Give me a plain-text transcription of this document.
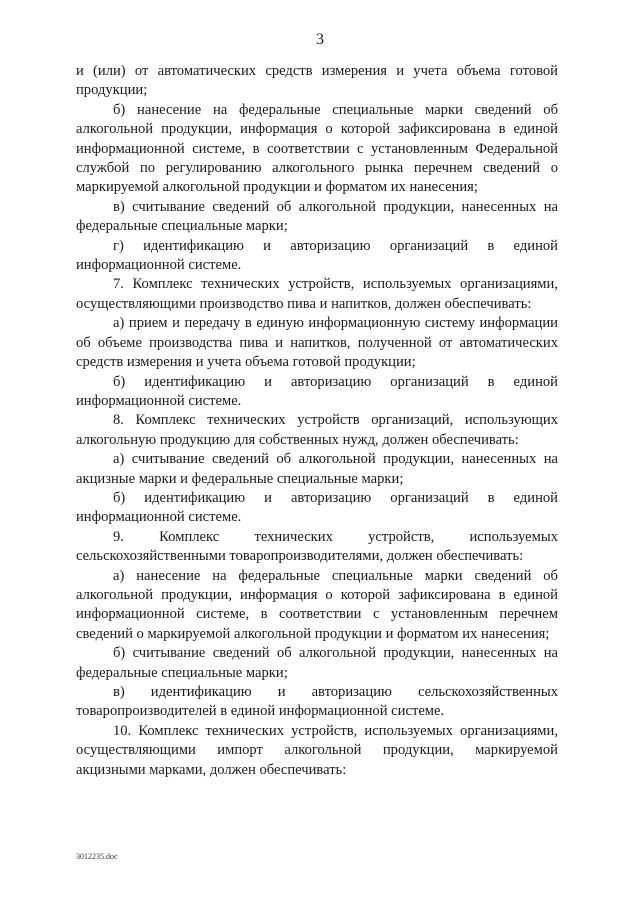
3

и (или) от автоматических средств измерения и учета объема готовой продукции;

б) нанесение на федеральные специальные марки сведений об алкогольной продукции, информация о которой зафиксирована в единой информационной системе, в соответствии с установленным Федеральной службой по регулированию алкогольного рынка перечнем сведений о маркируемой алкогольной продукции и форматом их нанесения;

в) считывание сведений об алкогольной продукции, нанесенных на федеральные специальные марки;

г) идентификацию и авторизацию организаций в единой информационной системе.

7. Комплекс технических устройств, используемых организациями, осуществляющими производство пива и напитков, должен обеспечивать:

а) прием и передачу в единую информационную систему информации об объеме производства пива и напитков, полученной от автоматических средств измерения и учета объема готовой продукции;

б) идентификацию и авторизацию организаций в единой информационной системе.

8. Комплекс технических устройств организаций, использующих алкогольную продукцию для собственных нужд, должен обеспечивать:

а) считывание сведений об алкогольной продукции, нанесенных на акцизные марки и федеральные специальные марки;

б) идентификацию и авторизацию организаций в единой информационной системе.

9. Комплекс технических устройств, используемых сельскохозяйственными товаропроизводителями, должен обеспечивать:

а) нанесение на федеральные специальные марки сведений об алкогольной продукции, информация о которой зафиксирована в единой информационной системе, в соответствии с установленным перечнем сведений о маркируемой алкогольной продукции и форматом их нанесения;

б) считывание сведений об алкогольной продукции, нанесенных на федеральные специальные марки;

в) идентификацию и авторизацию сельскохозяйственных товаропроизводителей в единой информационной системе.

10. Комплекс технических устройств, используемых организациями, осуществляющими импорт алкогольной продукции, маркируемой акцизными марками, должен обеспечивать:

3012235.doc
